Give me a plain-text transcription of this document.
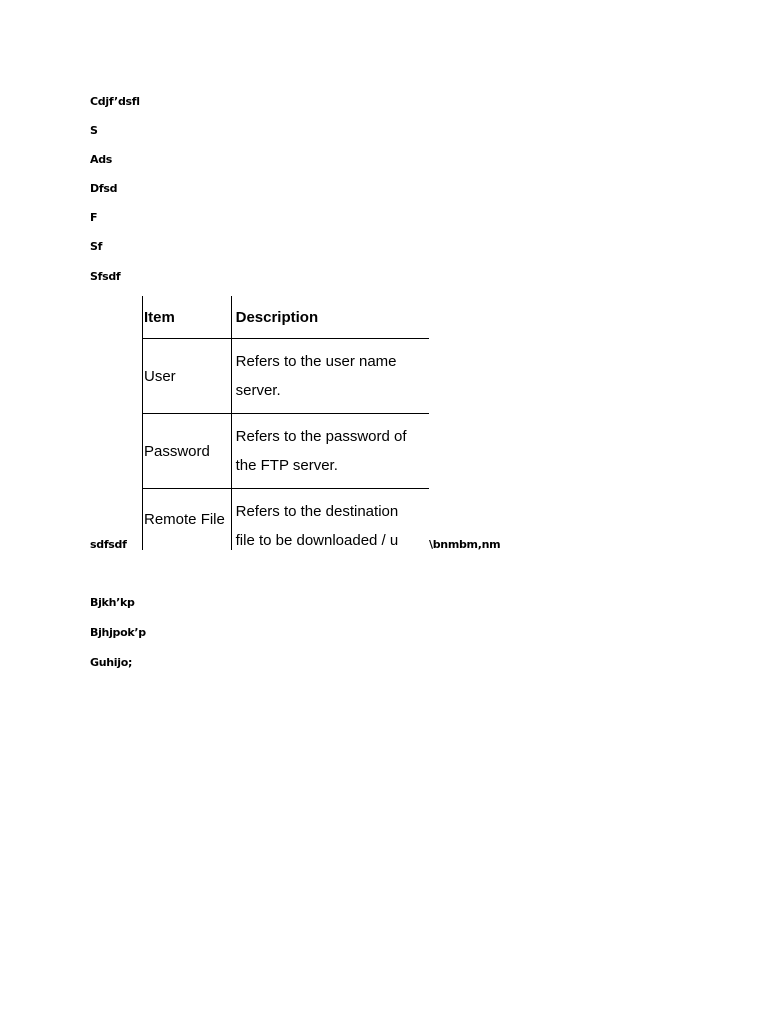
Cdjf’dsfl
S
Ads
Dfsd
F
Sf
Sfsdf
Item	Description
User	Refers to the user name
server.

Password	Refers to the password of
the FTP server.

Remote File	Refers to the destination
file to be downloaded / u
sdfsdf	\bnmbm,nm
Bjkh’kp
Bjhjpok’p
Guhijo;
